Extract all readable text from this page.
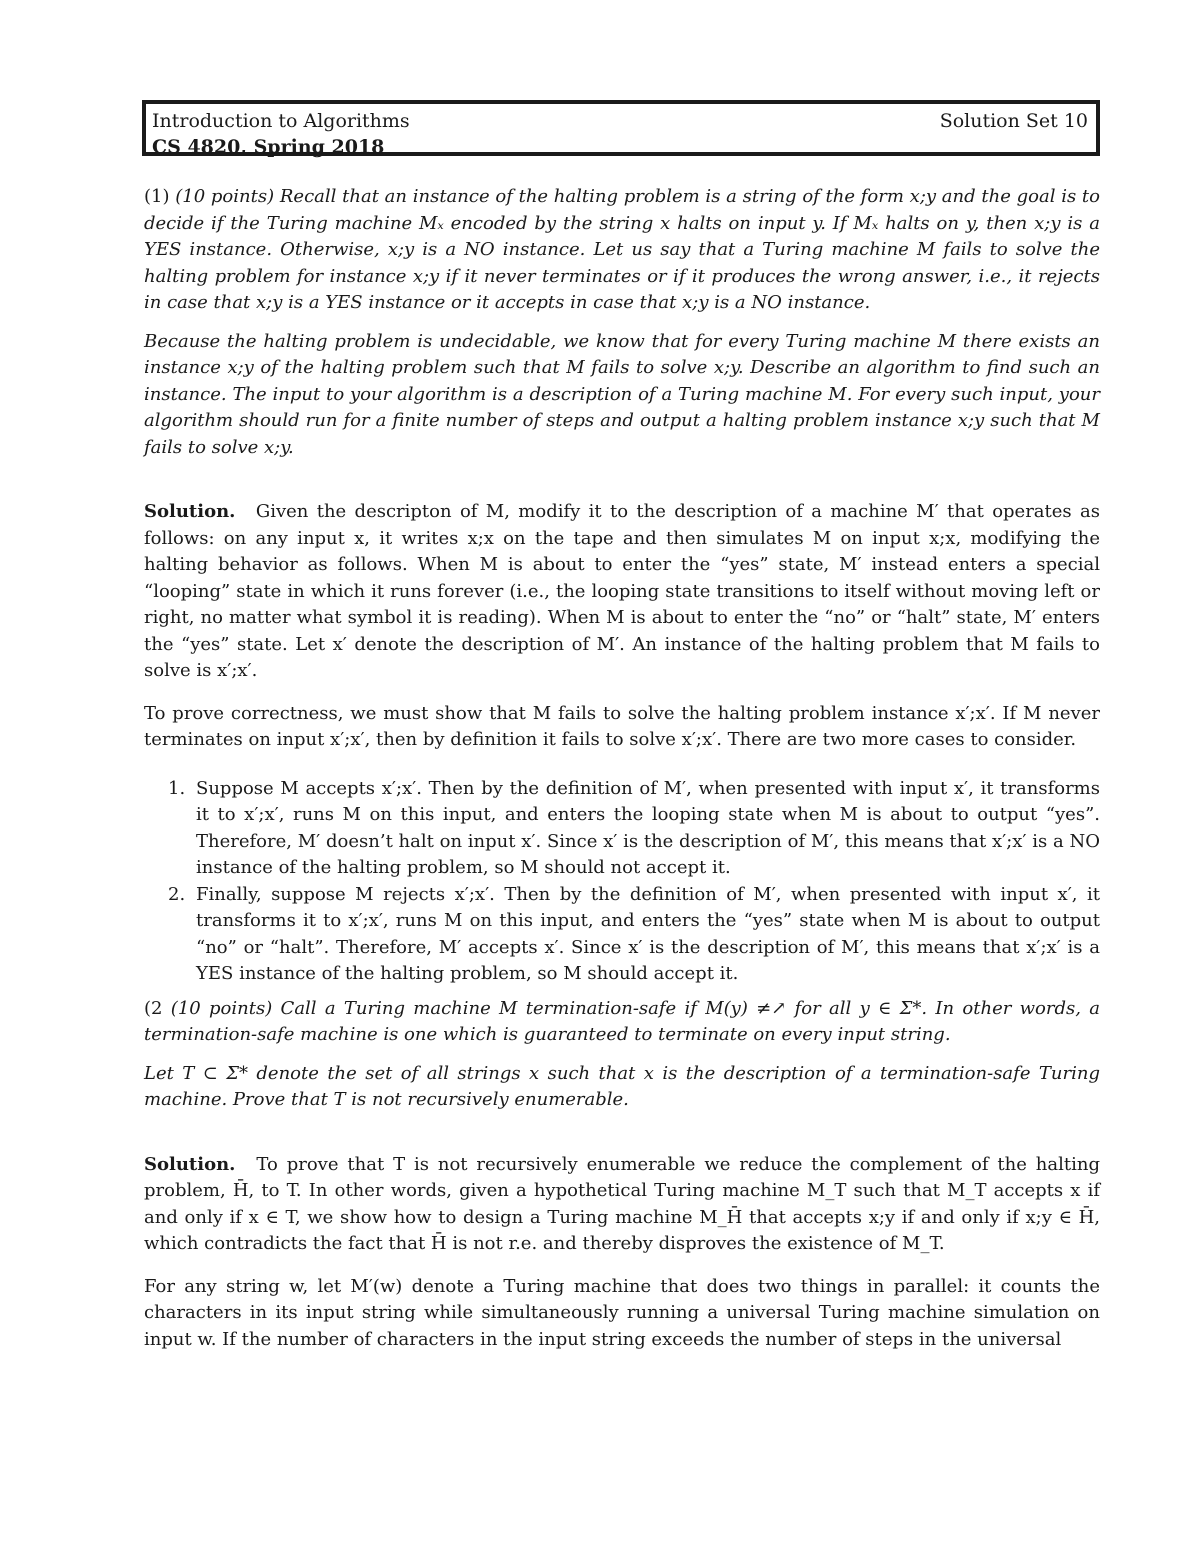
Introduction to Algorithms	Solution Set 10
CS 4820, Spring 2018

(1) (10 points) Recall that an instance of the halting problem is a string of the form x;y and the goal is to decide if the Turing machine Mₓ encoded by the string x halts on input y. If Mₓ halts on y, then x;y is a YES instance. Otherwise, x;y is a NO instance. Let us say that a Turing machine M fails to solve the halting problem for instance x;y if it never terminates or if it produces the wrong answer, i.e., it rejects in case that x;y is a YES instance or it accepts in case that x;y is a NO instance.

Because the halting problem is undecidable, we know that for every Turing machine M there exists an instance x;y of the halting problem such that M fails to solve x;y. Describe an algorithm to find such an instance. The input to your algorithm is a description of a Turing machine M. For every such input, your algorithm should run for a finite number of steps and output a halting problem instance x;y such that M fails to solve x;y.

Solution. Given the descripton of M, modify it to the description of a machine M′ that operates as follows: on any input x, it writes x;x on the tape and then simulates M on input x;x, modifying the halting behavior as follows. When M is about to enter the “yes” state, M′ instead enters a special “looping” state in which it runs forever (i.e., the looping state transitions to itself without moving left or right, no matter what symbol it is reading). When M is about to enter the “no” or “halt” state, M′ enters the “yes” state. Let x′ denote the description of M′. An instance of the halting problem that M fails to solve is x′;x′.

To prove correctness, we must show that M fails to solve the halting problem instance x′;x′. If M never terminates on input x′;x′, then by definition it fails to solve x′;x′. There are two more cases to consider.

1. Suppose M accepts x′;x′. Then by the definition of M′, when presented with input x′, it transforms it to x′;x′, runs M on this input, and enters the looping state when M is about to output “yes”. Therefore, M′ doesn’t halt on input x′. Since x′ is the description of M′, this means that x′;x′ is a NO instance of the halting problem, so M should not accept it.
2. Finally, suppose M rejects x′;x′. Then by the definition of M′, when presented with input x′, it transforms it to x′;x′, runs M on this input, and enters the “yes” state when M is about to output “no” or “halt”. Therefore, M′ accepts x′. Since x′ is the description of M′, this means that x′;x′ is a YES instance of the halting problem, so M should accept it.

(2 (10 points) Call a Turing machine M termination-safe if M(y) ≠↗ for all y ∈ Σ*. In other words, a termination-safe machine is one which is guaranteed to terminate on every input string.

Let T ⊂ Σ* denote the set of all strings x such that x is the description of a termination-safe Turing machine. Prove that T is not recursively enumerable.

Solution. To prove that T is not recursively enumerable we reduce the complement of the halting problem, H̄, to T. In other words, given a hypothetical Turing machine M_T such that M_T accepts x if and only if x ∈ T, we show how to design a Turing machine M_H̄ that accepts x;y if and only if x;y ∈ H̄, which contradicts the fact that H̄ is not r.e. and thereby disproves the existence of M_T.

For any string w, let M′(w) denote a Turing machine that does two things in parallel: it counts the characters in its input string while simultaneously running a universal Turing machine simulation on input w. If the number of characters in the input string exceeds the number of steps in the universal
